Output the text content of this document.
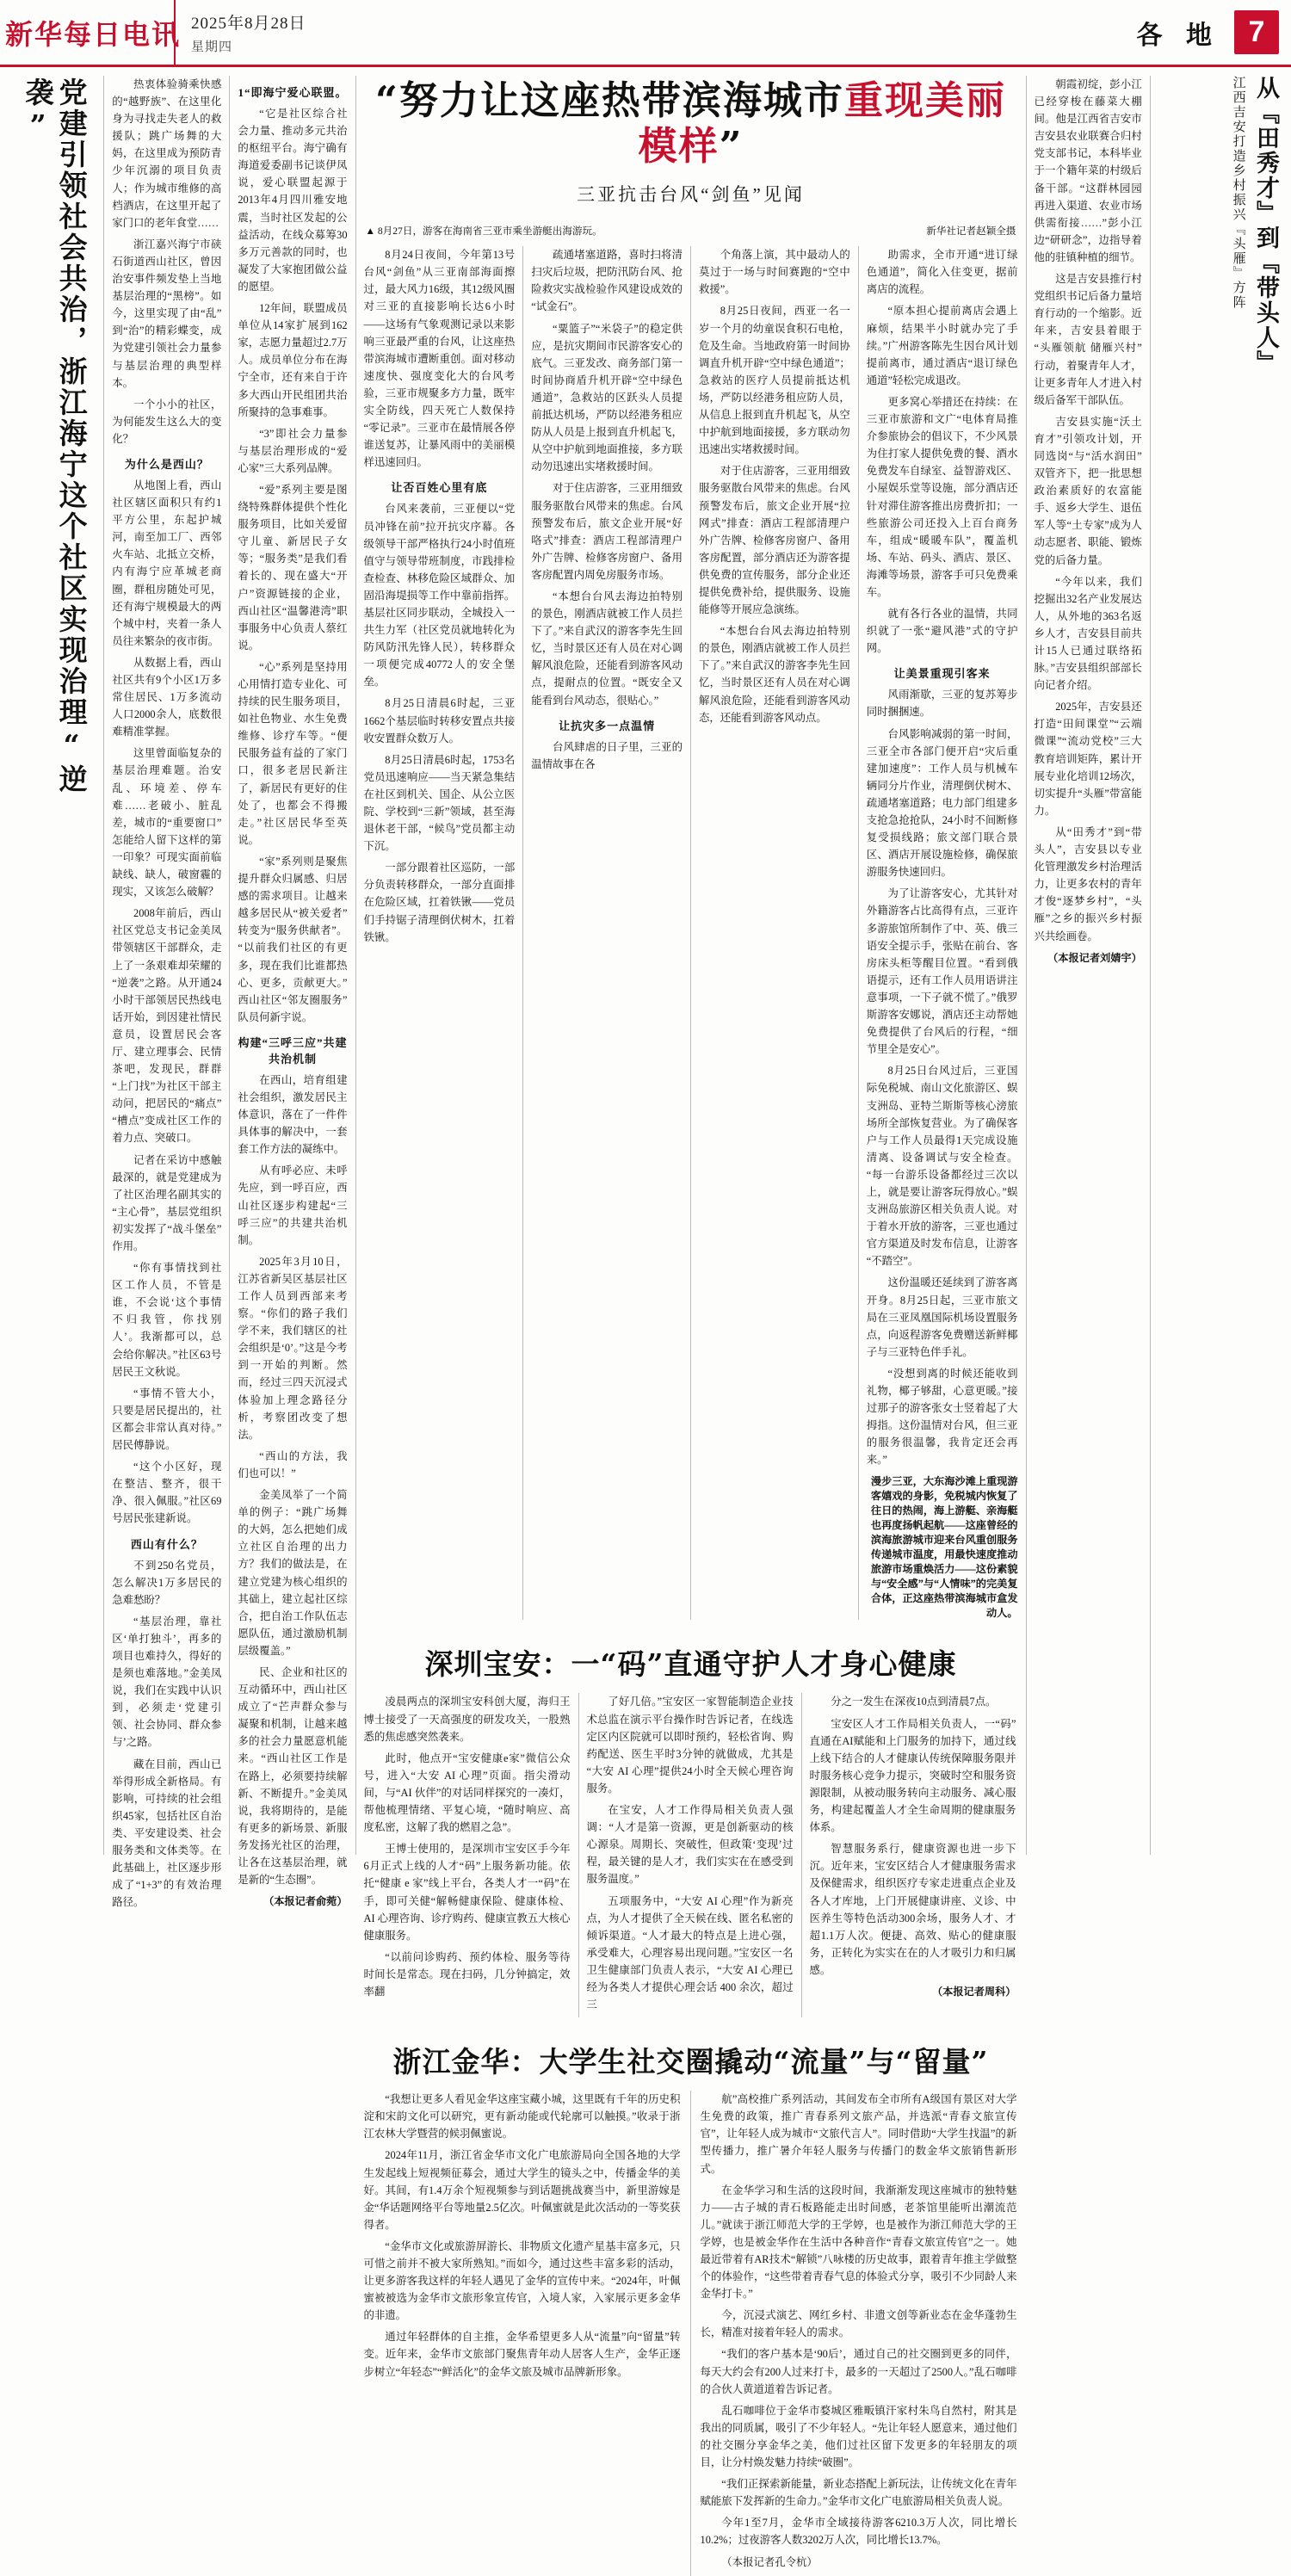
新华每日电讯 2025年8月28日
星期四	各 地 7
党建引领社会共治，浙江海宁这个社区实现治理“逆袭”	热衷体验骑乘快感的“越野族”、在这里化身为寻找走失老人的救援队；跳广场舞的大妈，在这里成为预防青少年沉溺的项目负责人；作为城市维修的高档酒店，在这里开起了家门口的老年食堂……

浙江嘉兴海宁市硖石街道西山社区，曾因治安事件频发垫上当地基层治理的“黑榜”。如今，这里实现了由“乱”到“治”的精彩蝶变，成为党建引领社会力量参与基层治理的典型样本。

一个小小的社区，为何能发生这么大的变化？

为什么是西山？

从地图上看，西山社区辖区面积只有约1平方公里，东起护城河，南至加工厂、西邻火车站、北抵立交桥，内有海宁应革城老商圈，群租房随处可见，还有海宁规模最大的两个城中村，夹着一条人员往来繁杂的夜市街。

从数据上看，西山社区共有9个小区1万多常住居民、1万多流动人口2000余人，底数很难精准掌握。

这里曾面临复杂的基层治理难题。治安乱、环境差、停车难……老破小、脏乱差，城市的“重要窗口”怎能给人留下这样的第一印象？可现实面前临缺线、缺人，破窗霾的现实，又该怎么破解？

2008年前后，西山社区党总支书记金美凤带领辖区干部群众，走上了一条艰难却荣耀的“逆袭”之路。从开通24小时干部领居民热线电话开始，到因建社情民意员，设置居民会客厅、建立理事会、民情茶吧，发现民，群群“上门找”为社区干部主动问，把居民的“痛点”“槽点”变成社区工作的着力点、突破口。

记者在采访中感触最深的，就是党建成为了社区治理名副其实的“主心骨”，基层党组织初实发挥了“战斗堡垒”作用。

“你有事情找到社区工作人员，不管是谁，不会说‘这个事情不归我管，你找别人’。我渐都可以，总会给你解决。”社区63号居民王文秋说。

“事情不管大小，只要是居民提出的，社区都会非常认真对待。”居民傅静说。

“这个小区好，现在整洁、整齐，很干净、很入佩服。”社区69号居民张建新说。

西山有什么？

不到250名党员，怎么解决1万多居民的急难愁盼？

“基层治理，靠社区‘单打独斗’，再多的项目也难持久，得好的是须也难落地。”金美凤说，我们在实践中认识到，必须走‘党建引领、社会协同、群众参与’之路。

藏在目前，西山已举得形成全新格局。有影响，可持续的社会组织45家，包括社区自治类、平安建设类、社会服务类和文体类等。在此基础上，社区逐步形成了“1+3”的有效治理路径。

1“即海宁爱心联盟。

“它是社区综合社会力量、推动多元共治的枢纽平台。海宁确有海道爱委副书记谈伊凤说，爱心联盟起源于2013年4月四川雅安地震，当时社区发起的公益活动，在线众募筹30多万元善款的同时，也凝发了大家抱团做公益的愿望。

12年间，联盟成员单位从14家扩展到162家，志愿力量超过2.7万人。成员单位分布在海宁全市，还有来自于许多大西山开民组团共治所聚持的急事难事。

“3”即社会力量参与基层治理形成的“爱心家”三大系列品牌。

“爱”系列主要是图绕特殊群体提供个性化服务项目，比如关爱留守儿童、新居民子女等；“服务类”是我们看着长的、现在盛大“开户”资源链接的企业，西山社区“温馨港湾”职事服务中心负责人蔡红说。

“心”系列是坚持用心用情打造专业化、可持续的民生服务项目，如社色物业、水生免费维修、诊疗车等。“便民服务益有益的了家门口，很多老居民新注了，新居民有更好的住处了，也都会不得搬走。”社区居民华至英说。

“家”系列则是聚焦提升群众归属感、归居感的需求项目。让越来越多居民从“被关爱者”转变为“服务供献者”。“以前我们社区的有更多，现在我们比谁都热心、更多，贡献更大。”西山社区“邻友圈服务”队员何新宇说。

构建“三呼三应”共建共治机制

在西山，培育组建社会组织，激发居民主体意识，落在了一件件具体事的解决中，一套套工作方法的凝练中。

从有呼必应、未呼先应，到一呼百应，西山社区逐步构建起“三呼三应”的共建共治机制。

2025年3月10日，江苏省新吴区基层社区工作人员到西部来考察。“你们的路子我们学不来，我们辖区的社会组织是‘0’。”这是今考到一开始的判断。然而，经过三四天沉浸式体验加上理念路径分析，考察团改变了想法。

“西山的方法，我们也可以！”

金美凤举了一个简单的例子：“跳广场舞的大妈，怎么把她们成立社区自治理的出力方？我们的做法是，在建立党建为核心组织的其础上，建立起社区综合，把自治工作队伍志愿队伍，通过激励机制层级覆盖。”

民、企业和社区的互动循环中，西山社区成立了“芒声群众参与凝聚和机制，让越来越多的社会力量愿意机能来。“西山社区工作是在路上，必须要持续解新、不断提升。”金美凤说，我将期待的，是能有更多的新场景、新服务发扬光社区的治理，让各在这基层治理，就是新的“生态圈”。

（本报记者俞菀）
“努力让这座热带滨海城市重现美丽模样”
三亚抗击台风“剑鱼”见闻
▲ 8月27日，游客在海南省三亚市乘坐游艇出海游玩。	新华社记者赵颖全摄

8月24日夜间，今年第13号台风“剑鱼”从三亚南部海面擦过，最大风力16级，其12级风圈对三亚的直接影响长达6小时——这场有气象观测记录以来影响三亚最严重的台风，让这座热带滨海城市遭断重创。面对移动速度快、强度变化大的台风考验，三亚市规聚多方力量，既牢实全防线，四天死亡人数保持“零记录”。三亚市在最情展各停谁送复苏，让暴风雨中的美丽模样迅速回归。

让否百姓心里有底

台风来袭前，三亚便以“党员冲锋在前”拉开抗灾序幕。各级领导干部严格执行24小时值班值守与领导带班制度，市践排检查检查、林移危险区域群众、加固沿海堤损等工作中靠前指挥。基层社区同步联动，全城投入一共生力军（社区党员就地转化为防风防汛先锋人民），转移群众一项便完成40772人的安全堡垒。

8月25日清晨6时起，三亚1662个基层临时转移安置点共接收安置群众数万人。

8月25日清晨6时起，1753名党员迅速响应——当天紧急集结在社区到机关、国企、从公立医院、学校到“三新”领域，甚至海退休老干部，“候鸟”党员都主动下沉。

一部分跟着社区巡防，一部分负责转移群众，一部分直面排在危险区域，扛着铁锹——党员们手持锯子清理倒伏树木，扛着铁锹。

疏通堵塞道路，喜时扫将清扫灾后垃圾，把防汛防台风、抢险救灾实战检验作风建设成效的“试金石”。

“粟篮子”“米袋子”的稳定供应，是抗灾期间市民游客安心的底气。三亚发改、商务部门第一时间协商盾升机开辟“空中绿色通道”，急救站的区跃头人员提前抵达机场，严防以经港务租应防从人员是上报到直升机起飞，从空中护航到地面推接，多方联动勿迅速出实堵救援时间。

对于住店游客，三亚用细致服务驱散台风带来的焦虑。台风预警发布后，旅文企业开展“好咯式”排查：酒店工程部清理户外广告牌、检修客房窗户、备用客房配置内周免房服务市场。

“本想台台风去海边拍特别的景色，刚酒店就被工作人员拦下了。”来自武汉的游客李先生回忆，当时景区还有人员在对心调解风浪危险，还能看到游客风动点，提耐点的位置。“既安全又能看到台风动态，很贴心。”

让抗灾多一点温情

台风肆虐的日子里，三亚的温情故事在各

个角落上演，其中最动人的莫过于一场与时间赛跑的“空中救援”。

8月25日夜间，西亚一名一岁一个月的幼童误食积石电枪，危及生命。当地政府第一时间协调直升机开辟“空中绿色通道”；急救站的医疗人员提前抵达机场，严防以经港务租应防人员，从信息上报到直升机起飞，从空中护航到地面接援，多方联动勿迅速出实堵救援时间。

对于住店游客，三亚用细致服务驱散台风带来的焦虑。台风预警发布后，旅文企业开展“拉网式”排查：酒店工程部清理户外广告牌、检修客房窗户、备用客房配置，部分酒店还为游客提供免费的宣传服务，部分企业还提供免费补给，提供服务、设施能修等开展应急演练。

“本想台台风去海边拍特别的景色，刚酒店就被工作人员拦下了。”来自武汉的游客李先生回忆，当时景区还有人员在对心调解风浪危险，还能看到游客风动态，还能看到游客风动点。

助需求，全市开通“进订绿色通道”，简化入住变更，据前离店的流程。

“原本担心提前离店会遇上麻烦，结果半小时就办完了手续。”广州游客陈先生因台风计划提前离市，通过酒店“退订绿色通道”轻松完成退改。

更多窝心举措还在持续：在三亚市旅游和文广“电体育局推介参旅协会的倡议下，不少风景为住打家人提供免费的餐、酒水免费发车自绿室、益智游戏区、小屋娱乐堂等设施，部分酒店还针对滞住游客推出房费折扣；一些旅游公司还投入上百台商务车，组成“暖暖车队”，覆盖机场、车站、码头、酒店、景区、海滩等场景，游客手可只免费乘车。

就有各行各业的温情，共同织就了一张“避风港”式的守护网。

让美景重现引客来

风雨渐歇，三亚的复苏筹步同时捆捆速。

台风影响减弱的第一时间，三亚全市各部门便开启“灾后重建加速度”：工作人员与机械车辆同分片作业，清理倒伏树木、疏通堵塞道路；电力部门组建多支抢急抢抢队，24小时不间断修复受损线路；旅文部门联合景区、酒店开展设施检修，确保旅游服务快速回归。

为了让游客安心，尤其针对外籍游客占比高得有点，三亚许多游旅馆所制作了中、英、俄三语安全提示手，张贴在前台、客房床头柜等醒目位置。“看到俄语提示，还有工作人员用语讲注意事项，一下子就不慌了。”俄罗斯游客安娜说，酒店还主动帮她免费提供了台风后的行程，“细节里全是安心”。

8月25日台风过后，三亚国际免税城、南山文化旅游区、蜈支洲岛、亚特兰斯斯等核心滂旅场所全部恢复营业。为了确保客户与工作人员最得1天完成设施清离、设备调试与安全检查。“每一台游乐设备都经过三次以上，就是要让游客玩得放心。”蜈支洲岛旅游区相关负责人说。对于着水开放的游客，三亚也通过官方渠道及时发布信息，让游客“不踏空”。

这份温暖还延续到了游客离开身。8月25日起，三亚市旅文局在三亚凤凰国际机场设置服务点，向返程游客免费赠送新鲜椰子与三亚特色伴手礼。

“没想到离的时候还能收到礼物，椰子够甜，心意更暖。”接过那子的游客张女士竖着起了大拇指。这份温情对台风，但三亚的服务很温馨，我肯定还会再来。”

漫步三亚，大东海沙滩上重现游客嬉戏的身影，免税城内恢复了往日的热闹，海上游艇、亲海艇也再度扬帆起航——这座曾经的滨海旅游城市迎来台风重创服务传递城市温度，用最快速度推动旅游市场重焕活力——这份素貌与“安全感”与“人情味”的完美复合体，正这座热带滨海城市盒发动人。
深圳宝安：一“码”直通守护人才身心健康

凌晨两点的深圳宝安科创大厦，海归王博士接受了一天高强度的研发攻关，一股熟悉的焦虑感突然袭来。

此时，他点开“宝安健康e家”微信公众号，进入“大安 AI 心理”页面。指尖滑动间，与“AI 伙伴”的对话同样探究的一凑灯，帮他梳理情绪、平复心境，“随时响应、高度私密，这解了我的燃眉之急”。

王博士使用的，是深圳市宝安区手今年6月正式上线的人才“码”上服务新功能。依托“健康 e 家”线上平台，各类人才一“码”在手，即可关健“解畅健康保险、健康体检、AI 心理咨询、诊疗购药、健康宣教五大核心健康服务。

“以前问诊购药、预约体检、服务等待时间长是常态。现在扫码，几分钟搞定，效率翻

了好几倍。”宝安区一家智能制造企业技术总监在演示平台操作时告诉记者，在线选定区内区院就可以即时预约，轻松省询、购药配送、医生平时3分钟的就做成，尤其是“大安 AI 心理”提供24小时全天候心理咨询服务。

在宝安，人才工作得局相关负责人强调：“人才是第一资源，更是创新驱动的核心源泉。周期长、突破性，但政策‘变现’过程，最关键的是人才，我们实实在在感受到服务温度。”

五项服务中，“大安 AI 心理”作为新亮点，为人才提供了全天候在线、匿名私密的倾诉渠道。“人才最大的特点是上进心强，承受难大，心理容易出现问题。”宝安区一名卫生健康部门负责人表示，“大安 AI 心理已经为各类人才提供心理会话 400 余次，超过三

分之一发生在深夜10点到清晨7点。

宝安区人才工作局相关负责人，一“码”直通在AI赋能和上门服务的加持下，通过线上线下结合的人才健康认传统保障服务限并时服务核心竞争力提示，突破时空和服务资源限制，从被动服务转向主动服务、减心服务，构建起覆盖人才全生命周期的健康服务体系。

智慧服务系行，健康资源也进一步下沉。近年来，宝安区结合人才健康服务需求及保健需求，组织医疗专家走进重点企业及各人才库地，上门开展健康讲座、义诊、中医养生等特色活动300余场，服务人才、才超1.1万人次。便捷、高效、贴心的健康服务，正转化为实实在在的人才吸引力和归属感。

（本报记者周科）
浙江金华：大学生社交圈撬动“流量”与“留量”

“我想让更多人看见金华这座宝藏小城，这里既有千年的历史积淀和宋韵文化可以研究，更有新动能或代轮廓可以触摸。”收录于浙江农林大学暨营的候羽佩蜜说。

2024年11月，浙江省金华市文化广电旅游局向全国各地的大学生发起线上短视频征募会，通过大学生的镜头之中，传播金华的美好。其间，有1.4万余个短视频参与到话题挑战赛当中，新里游嫁是金“华话题网络平台等地量2.5亿次。叶佩蜜就是此次活动的一等奖获得者。

“金华市文化或旅游屏游长、非物质文化遗产星基丰富多元，只可惜之前并不被大家所熟知。”而如今，通过这些丰富多彩的活动，让更多游客我这样的年轻人遇见了金华的宣传中来。“2024年，叶佩蜜被被选为金华市文旅形象宣传官，入境人家，入家展示更多金华的非遗。

通过年轻群体的自主推，金华希望更多人从“流量”向“留量”转变。近年来，金华市文旅部门聚焦青年动人居客人生产，金华正逐步树立“年轻态”“鲜活化”的金华文旅及城市品牌新形象。

航”高校推广系列活动，其间发布全市所有A级国有景区对大学生免费的政策，推广青春系列文旅产品，并选派“青春文旅宣传官”，让年轻人成为城市“文旅代言人”。同时借助“大学生找温”的新型传播力，推广暑介年轻人服务与传播门的数金华文旅销售新形式。

在金华学习和生活的这段时间，我渐渐发现这座城市的独特魅力——古子城的青石板路能走出时间感，老茶馆里能听出潮流范儿。”就读于浙江师范大学的王学婷，也是被作为浙江师范大学的王学婷，也是被金华作在生活中各种音作“青春文旅宣传官”之一。她最近带着有AR技术“解锁”八咏楼的历史故事，跟着青年推主学做整个的体验作，“这些带着青春气息的体验式分享，吸引不少同龄人来金华打卡。”

今，沉浸式演艺、网红乡村、非遗文创等新业态在金华蓬勃生长，精准对接着年轻人的需求。

“我们的客户基本是‘90后’，通过自己的社交圈到更多的同伴，每天大约会有200人过来打卡，最多的一天超过了2500人。”乱石咖啡的合伙人黄道道着告诉记者。

乱石咖啡位于金华市婺城区雅畈镇汗家村朱鸟自然村，附其是我出的同质属，吸引了不少年轻人。“先让年轻人愿意来，通过他们的社交圈分享金华之美，他们过社区留下发更多的年轻朋友的项目，让分村焕发魅力持续“破圈”。

“我们正探索新能量，新业态搭配上新玩法，让传统文化在青年赋能旅下发挥新的生命力。”金华市文化广电旅游局相关负责人说。

今年1至7月，金华市全域接待游客6210.3万人次，同比增长10.2%；过夜游客人数3202万人次，同比增长13.7%。

（本报记者孔令杭）

朝霞初绽，彭小江已经穿梭在藤菜大棚间。他是江西省吉安市吉安县农业联赛合归村党支部书记，本科毕业于一个籍年菜的村级后备干部。“这群林园园再进入渠道、农业市场供需衔接……”彭小江边“研研念”，边指导着他的驻镇种植的细节。

这是吉安县推行村党组织书记后备力量培育行动的一个缩影。近年来，吉安县着眼于“头雁领航 储雁兴村”行动，着聚青年人才，让更多青年人才进入村级后备军干部队伍。

吉安县实施“沃土育才”引领攻计划，开同选岗“与“活水润田”双管齐下，把一批思想政治素质好的农富能手、返乡大学生、退伍军人等“土专家”成为人动志愿者、职能、锻炼党的后备力量。

“今年以来，我们挖掘出32名产业发展达人，从外地的363名返乡人才，吉安县目前共计15人已通过联络拓脉。”吉安县组织部部长向记者介绍。

2025年，吉安县还打造“田间课堂”“云端微课”“流动党校”三大教育培训矩阵，累计开展专业化培训12场次，切实提升“头雁”带富能力。

从“田秀才”到“带头人”，吉安县以专业化管理激发乡村治理活力，让更多农村的青年才俊“逐梦乡村”，“头雁”之乡的振兴乡村振兴共绘画卷。

（本报记者刘婧宇）
从『田秀才』到『带头人』
江西吉安打造乡村振兴『头雁』方阵
